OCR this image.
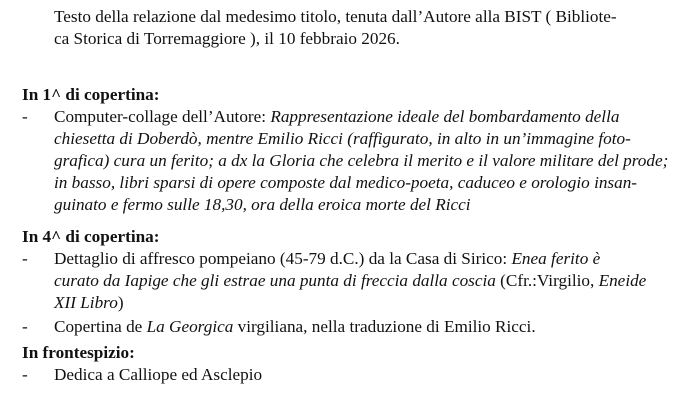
Testo della relazione dal medesimo titolo, tenuta dall’Autore alla BIST ( Bibliote-
ca Storica di Torremaggiore ), il 10 febbraio 2026.
In 1^ di copertina:
- Computer-collage dell’Autore: Rappresentazione ideale del bombardamento della
chiesetta di Doberdò, mentre Emilio Ricci (raffigurato, in alto in un’immagine foto-
grafica) cura un ferito; a dx la Gloria che celebra il merito e il valore militare del prode;
in basso, libri sparsi di opere composte dal medico-poeta, caduceo e orologio insan-
guinato e fermo sulle 18,30, ora della eroica morte del Ricci
In 4^ di copertina:
- Dettaglio di affresco pompeiano (45-79 d.C.) da la Casa di Sirico: Enea ferito è
curato da Iapige che gli estrae una punta di freccia dalla coscia (Cfr.:Virgilio, Eneide
XII Libro)
- Copertina de La Georgica virgiliana, nella traduzione di Emilio Ricci.
In frontespizio:
- Dedica a Calliope ed Asclepio
